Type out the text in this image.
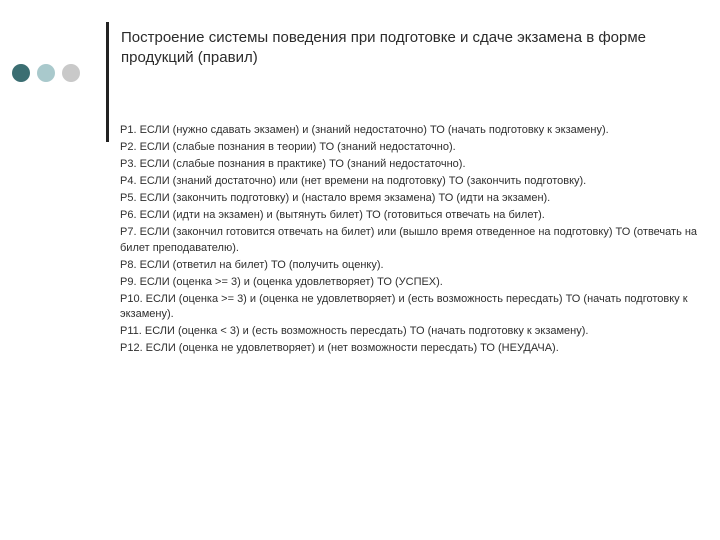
Построение системы поведения при подготовке и сдаче экзамена в форме продукций (правил)
P1. ЕСЛИ (нужно сдавать экзамен) и (знаний недостаточно) ТО (начать подготовку к экзамену).
P2. ЕСЛИ (слабые познания в теории) ТО (знаний недостаточно).
P3. ЕСЛИ (слабые познания в практике) ТО (знаний недостаточно).
P4. ЕСЛИ (знаний достаточно) или (нет времени на подготовку) ТО (закончить подготовку).
P5. ЕСЛИ (закончить подготовку) и (настало время экзамена) ТО (идти на экзамен).
P6. ЕСЛИ (идти на экзамен) и (вытянуть билет) ТО (готовиться отвечать на билет).
P7. ЕСЛИ (закончил готовится отвечать на билет) или (вышло время отведенное на подготовку) ТО (отвечать на билет преподавателю).
P8. ЕСЛИ (ответил на билет) ТО (получить оценку).
P9. ЕСЛИ (оценка >= 3) и (оценка удовлетворяет) ТО (УСПЕХ).
P10. ЕСЛИ (оценка >= 3) и (оценка не удовлетворяет) и (есть возможность пересдать) ТО (начать подготовку к экзамену).
P11. ЕСЛИ (оценка < 3) и (есть возможность пересдать) ТО (начать подготовку к экзамену).
P12. ЕСЛИ (оценка не удовлетворяет) и (нет возможности пересдать) ТО (НЕУДАЧА).
